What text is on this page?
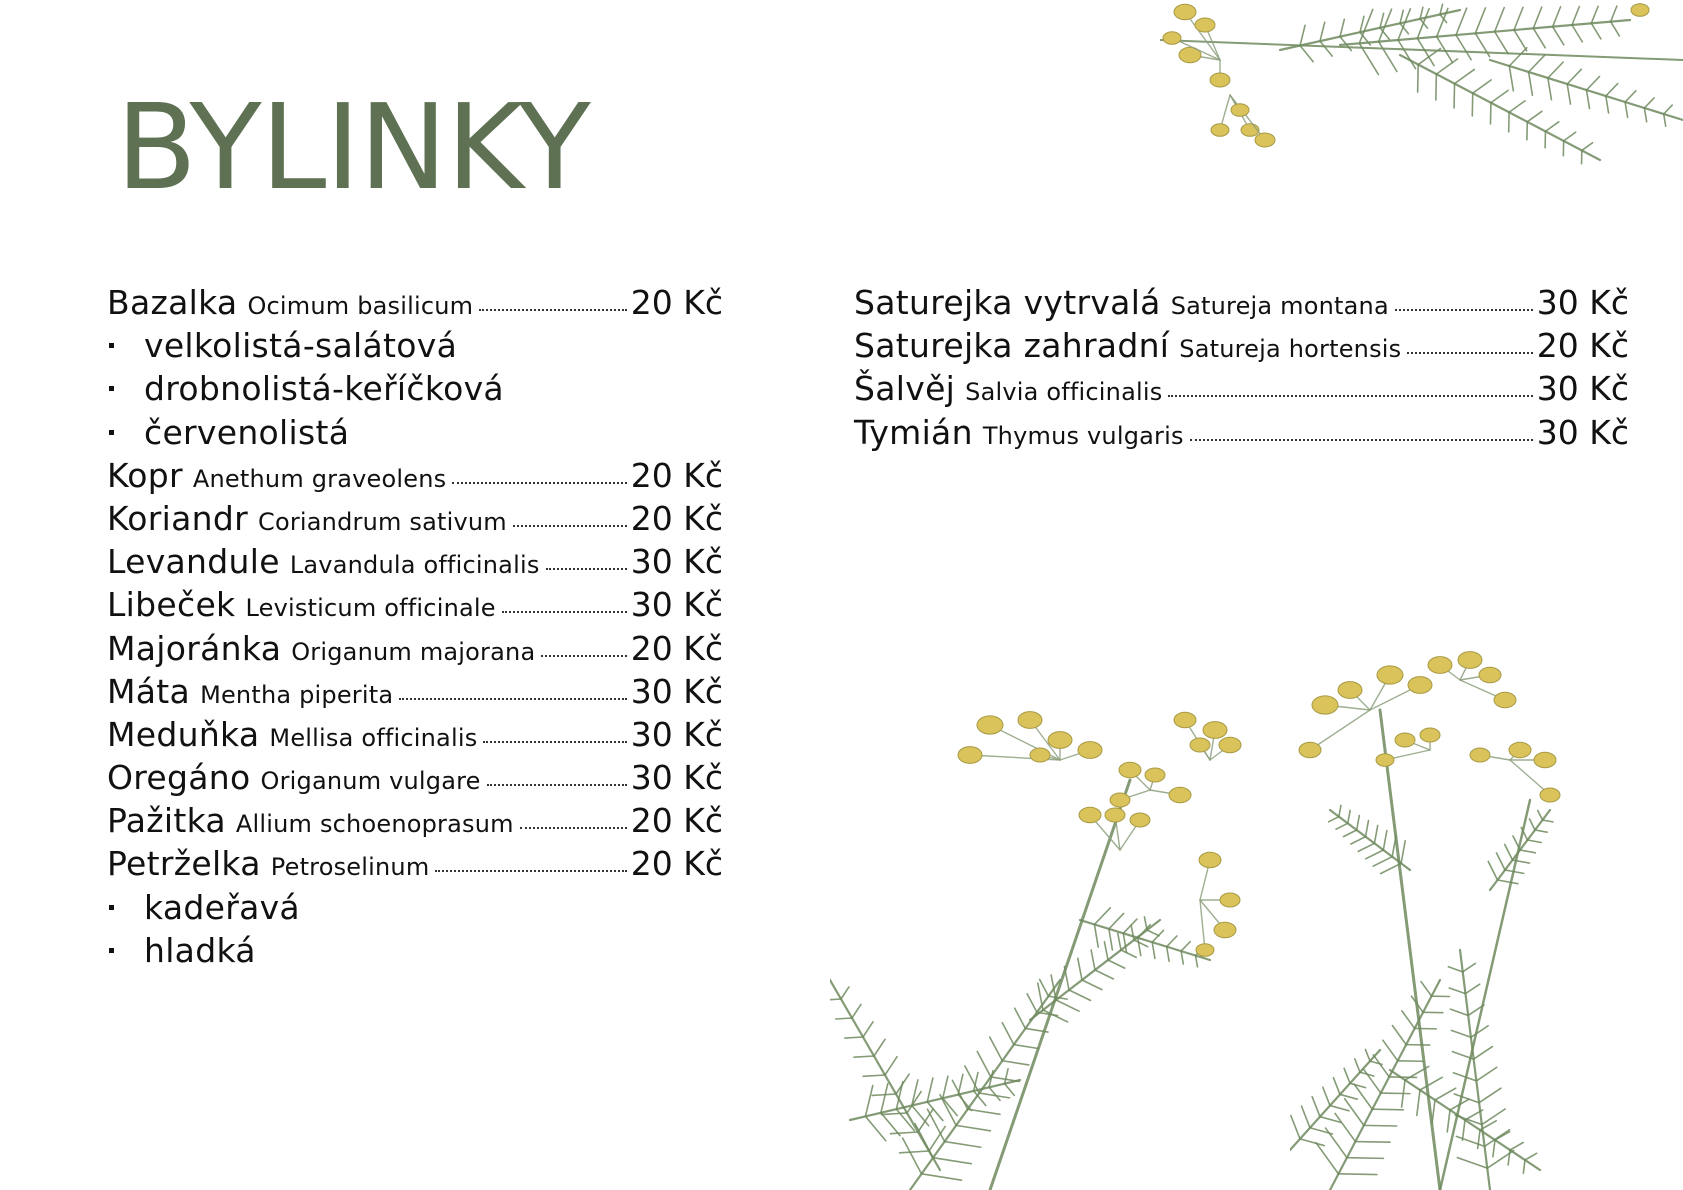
BYLINKY
Bazalka Ocimum basilicum	20 Kč
velkolistá-salátová
drobnolistá-keříčková
červenolistá
Kopr Anethum graveolens	20 Kč
Koriandr Coriandrum sativum	20 Kč
Levandule Lavandula officinalis	30 Kč
Libeček Levisticum officinale	30 Kč
Majoránka Origanum majorana	20 Kč
Máta Mentha piperita	30 Kč
Meduňka Mellisa officinalis	30 Kč
Oregáno Origanum vulgare	30 Kč
Pažitka Allium schoenoprasum	20 Kč
Petrželka Petroselinum	20 Kč
kadeřavá
hladká
Saturejka vytrvalá Satureja montana	30 Kč
Saturejka zahradní Satureja hortensis	20 Kč
Šalvěj Salvia officinalis	30 Kč
Tymián Thymus vulgaris	30 Kč
